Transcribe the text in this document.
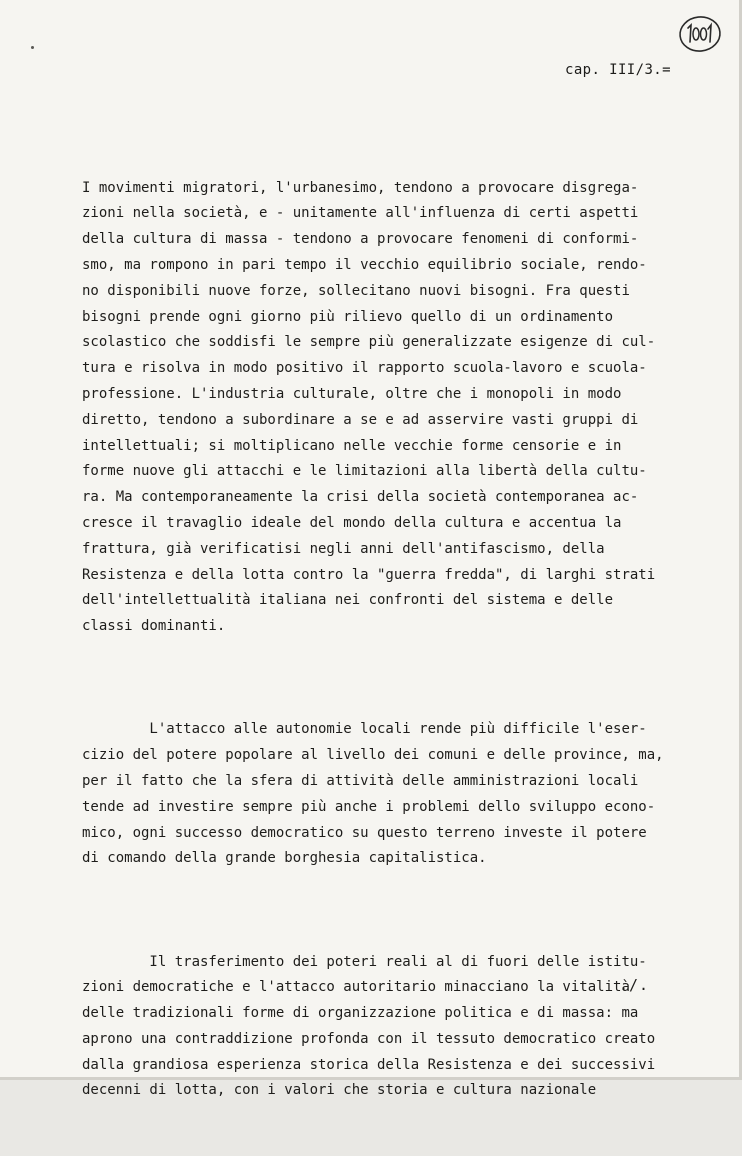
cap. III/3.=

I movimenti migratori, l'urbanesimo, tendono a provocare disgrega-
zioni nella società, e - unitamente all'influenza di certi aspetti
della cultura di massa - tendono a provocare fenomeni di conformi-
smo, ma rompono in pari tempo il vecchio equilibrio sociale, rendo-
no disponibili nuove forze, sollecitano nuovi bisogni. Fra questi
bisogni prende ogni giorno più rilievo quello di un ordinamento
scolastico che soddisfi le sempre più generalizzate esigenze di cul-
tura e risolva in modo positivo il rapporto scuola-lavoro e scuola-
professione. L'industria culturale, oltre che i monopoli in modo
diretto, tendono a subordinare a se e ad asservire vasti gruppi di
intellettuali; si moltiplicano nelle vecchie forme censorie e in
forme nuove gli attacchi e le limitazioni alla libertà della cultu-
ra. Ma contemporaneamente la crisi della società contemporanea ac-
cresce il travaglio ideale del mondo della cultura e accentua la
frattura, già verificatisi negli anni dell'antifascismo, della
Resistenza e della lotta contro la "guerra fredda", di larghi strati
dell'intellettualità italiana nei confronti del sistema e delle
classi dominanti.

L'attacco alle autonomie locali rende più difficile l'eser-
cizio del potere popolare al livello dei comuni e delle province, ma,
per il fatto che la sfera di attività delle amministrazioni locali
tende ad investire sempre più anche i problemi dello sviluppo econo-
mico, ogni successo democratico su questo terreno investe il potere
di comando della grande borghesia capitalistica.

Il trasferimento dei poteri reali al di fuori delle istitu-
zioni democratiche e l'attacco autoritario minacciano la vitalità
delle tradizionali forme di organizzazione politica e di massa: ma
aprono una contraddizione profonda con il tessuto democratico creato
dalla grandiosa esperienza storica della Resistenza e dei successivi
decenni di lotta, con i valori che storia e cultura nazionale

./.
